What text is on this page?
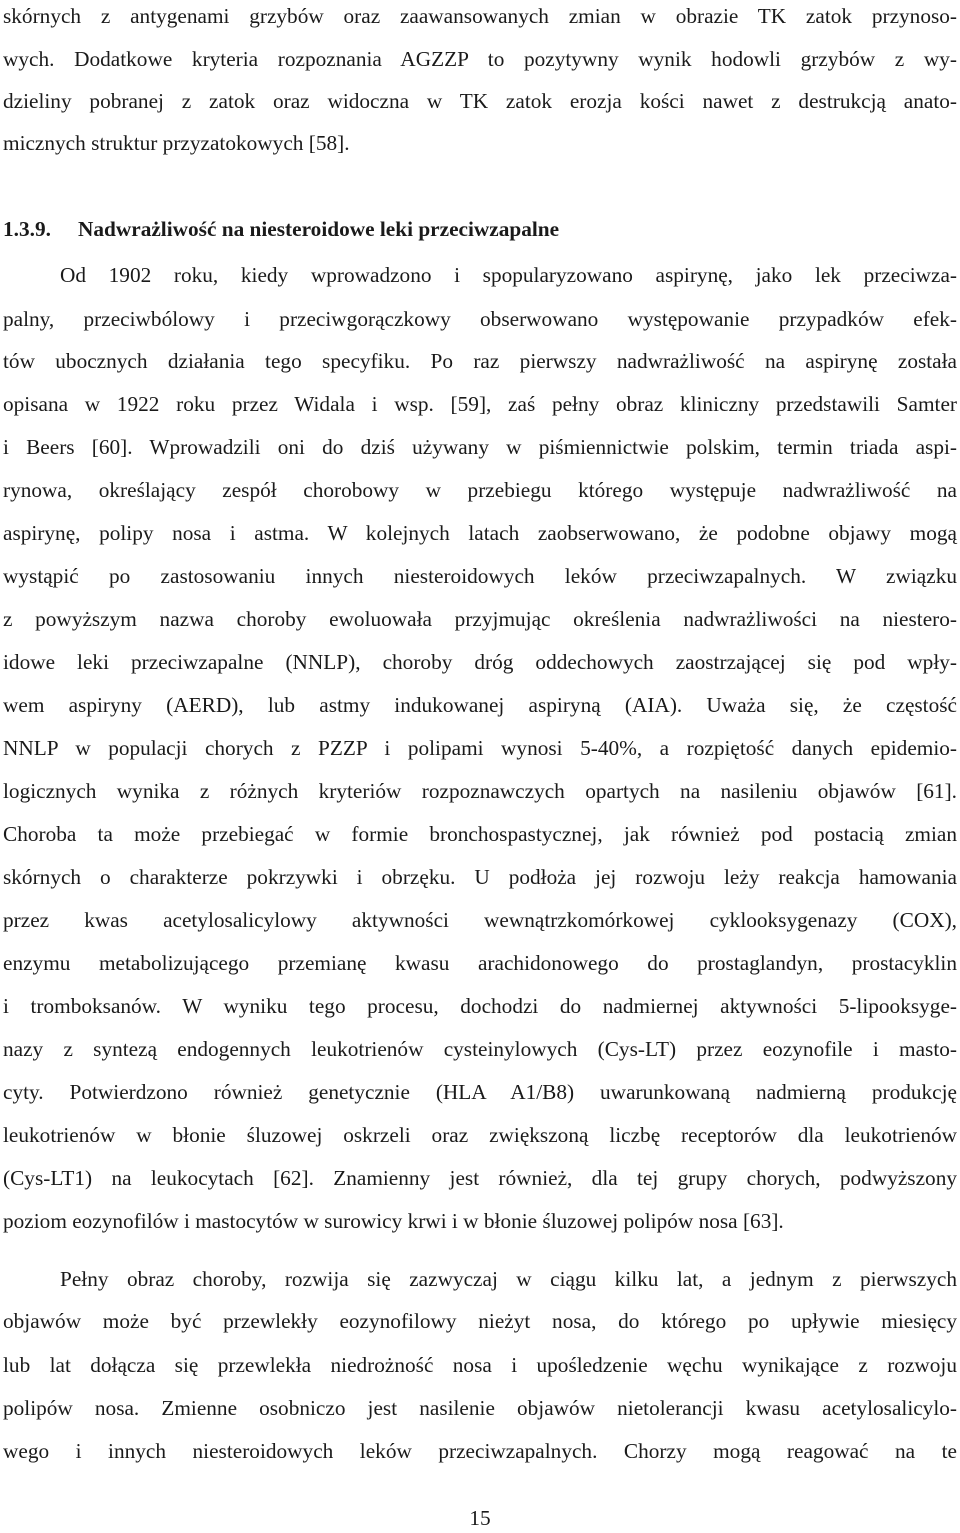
skórnych z antygenami grzybów oraz zaawansowanych zmian w obrazie TK zatok przynoso-
wych. Dodatkowe kryteria rozpoznania AGZZP to pozytywny wynik hodowli grzybów z wy-
dzieliny pobranej z zatok oraz widoczna w TK zatok erozja kości nawet z destrukcją anato-
micznych struktur przyzatokowych [58].
1.3.9. Nadwrażliwość na niesteroidowe leki przeciwzapalne
Od 1902 roku, kiedy wprowadzono i spopularyzowano aspirynę, jako lek przeciwza-
palny, przeciwbólowy i przeciwgorączkowy obserwowano występowanie przypadków efek-
tów ubocznych działania tego specyfiku. Po raz pierwszy nadwrażliwość na aspirynę została
opisana w 1922 roku przez Widala i wsp. [59], zaś pełny obraz kliniczny przedstawili Samter
i Beers [60]. Wprowadzili oni do dziś używany w piśmiennictwie polskim, termin triada aspi-
rynowa, określający zespół chorobowy w przebiegu którego występuje nadwrażliwość na
aspirynę, polipy nosa i astma. W kolejnych latach zaobserwowano, że podobne objawy mogą
wystąpić po zastosowaniu innych niesteroidowych leków przeciwzapalnych. W związku
z powyższym nazwa choroby ewoluowała przyjmując określenia nadwrażliwości na niestero-
idowe leki przeciwzapalne (NNLP), choroby dróg oddechowych zaostrzającej się pod wpły-
wem aspiryny (AERD), lub astmy indukowanej aspiryną (AIA). Uważa się, że częstość
NNLP w populacji chorych z PZZP i polipami wynosi 5-40%, a rozpiętość danych epidemio-
logicznych wynika z różnych kryteriów rozpoznawczych opartych na nasileniu objawów [61].
Choroba ta może przebiegać w formie bronchospastycznej, jak również pod postacią zmian
skórnych o charakterze pokrzywki i obrzęku. U podłoża jej rozwoju leży reakcja hamowania
przez kwas acetylosalicylowy aktywności wewnątrzkomórkowej cyklooksygenazy (COX),
enzymu metabolizującego przemianę kwasu arachidonowego do prostaglandyn, prostacyklin
i tromboksanów. W wyniku tego procesu, dochodzi do nadmiernej aktywności 5-lipooksyge-
nazy z syntezą endogennych leukotrienów cysteinylowych (Cys-LT) przez eozynofile i masto-
cyty. Potwierdzono również genetycznie (HLA A1/B8) uwarunkowaną nadmierną produkcję
leukotrienów w błonie śluzowej oskrzeli oraz zwiększoną liczbę receptorów dla leukotrienów
(Cys-LT1) na leukocytach [62]. Znamienny jest również, dla tej grupy chorych, podwyższony
poziom eozynofilów i mastocytów w surowicy krwi i w błonie śluzowej polipów nosa [63].
Pełny obraz choroby, rozwija się zazwyczaj w ciągu kilku lat, a jednym z pierwszych
objawów może być przewlekły eozynofilowy nieżyt nosa, do którego po upływie miesięcy
lub lat dołącza się przewlekła niedrożność nosa i upośledzenie węchu wynikające z rozwoju
polipów nosa. Zmienne osobniczo jest nasilenie objawów nietolerancji kwasu acetylosalicylo-
wego i innych niesteroidowych leków przeciwzapalnych. Chorzy mogą reagować na te
15
